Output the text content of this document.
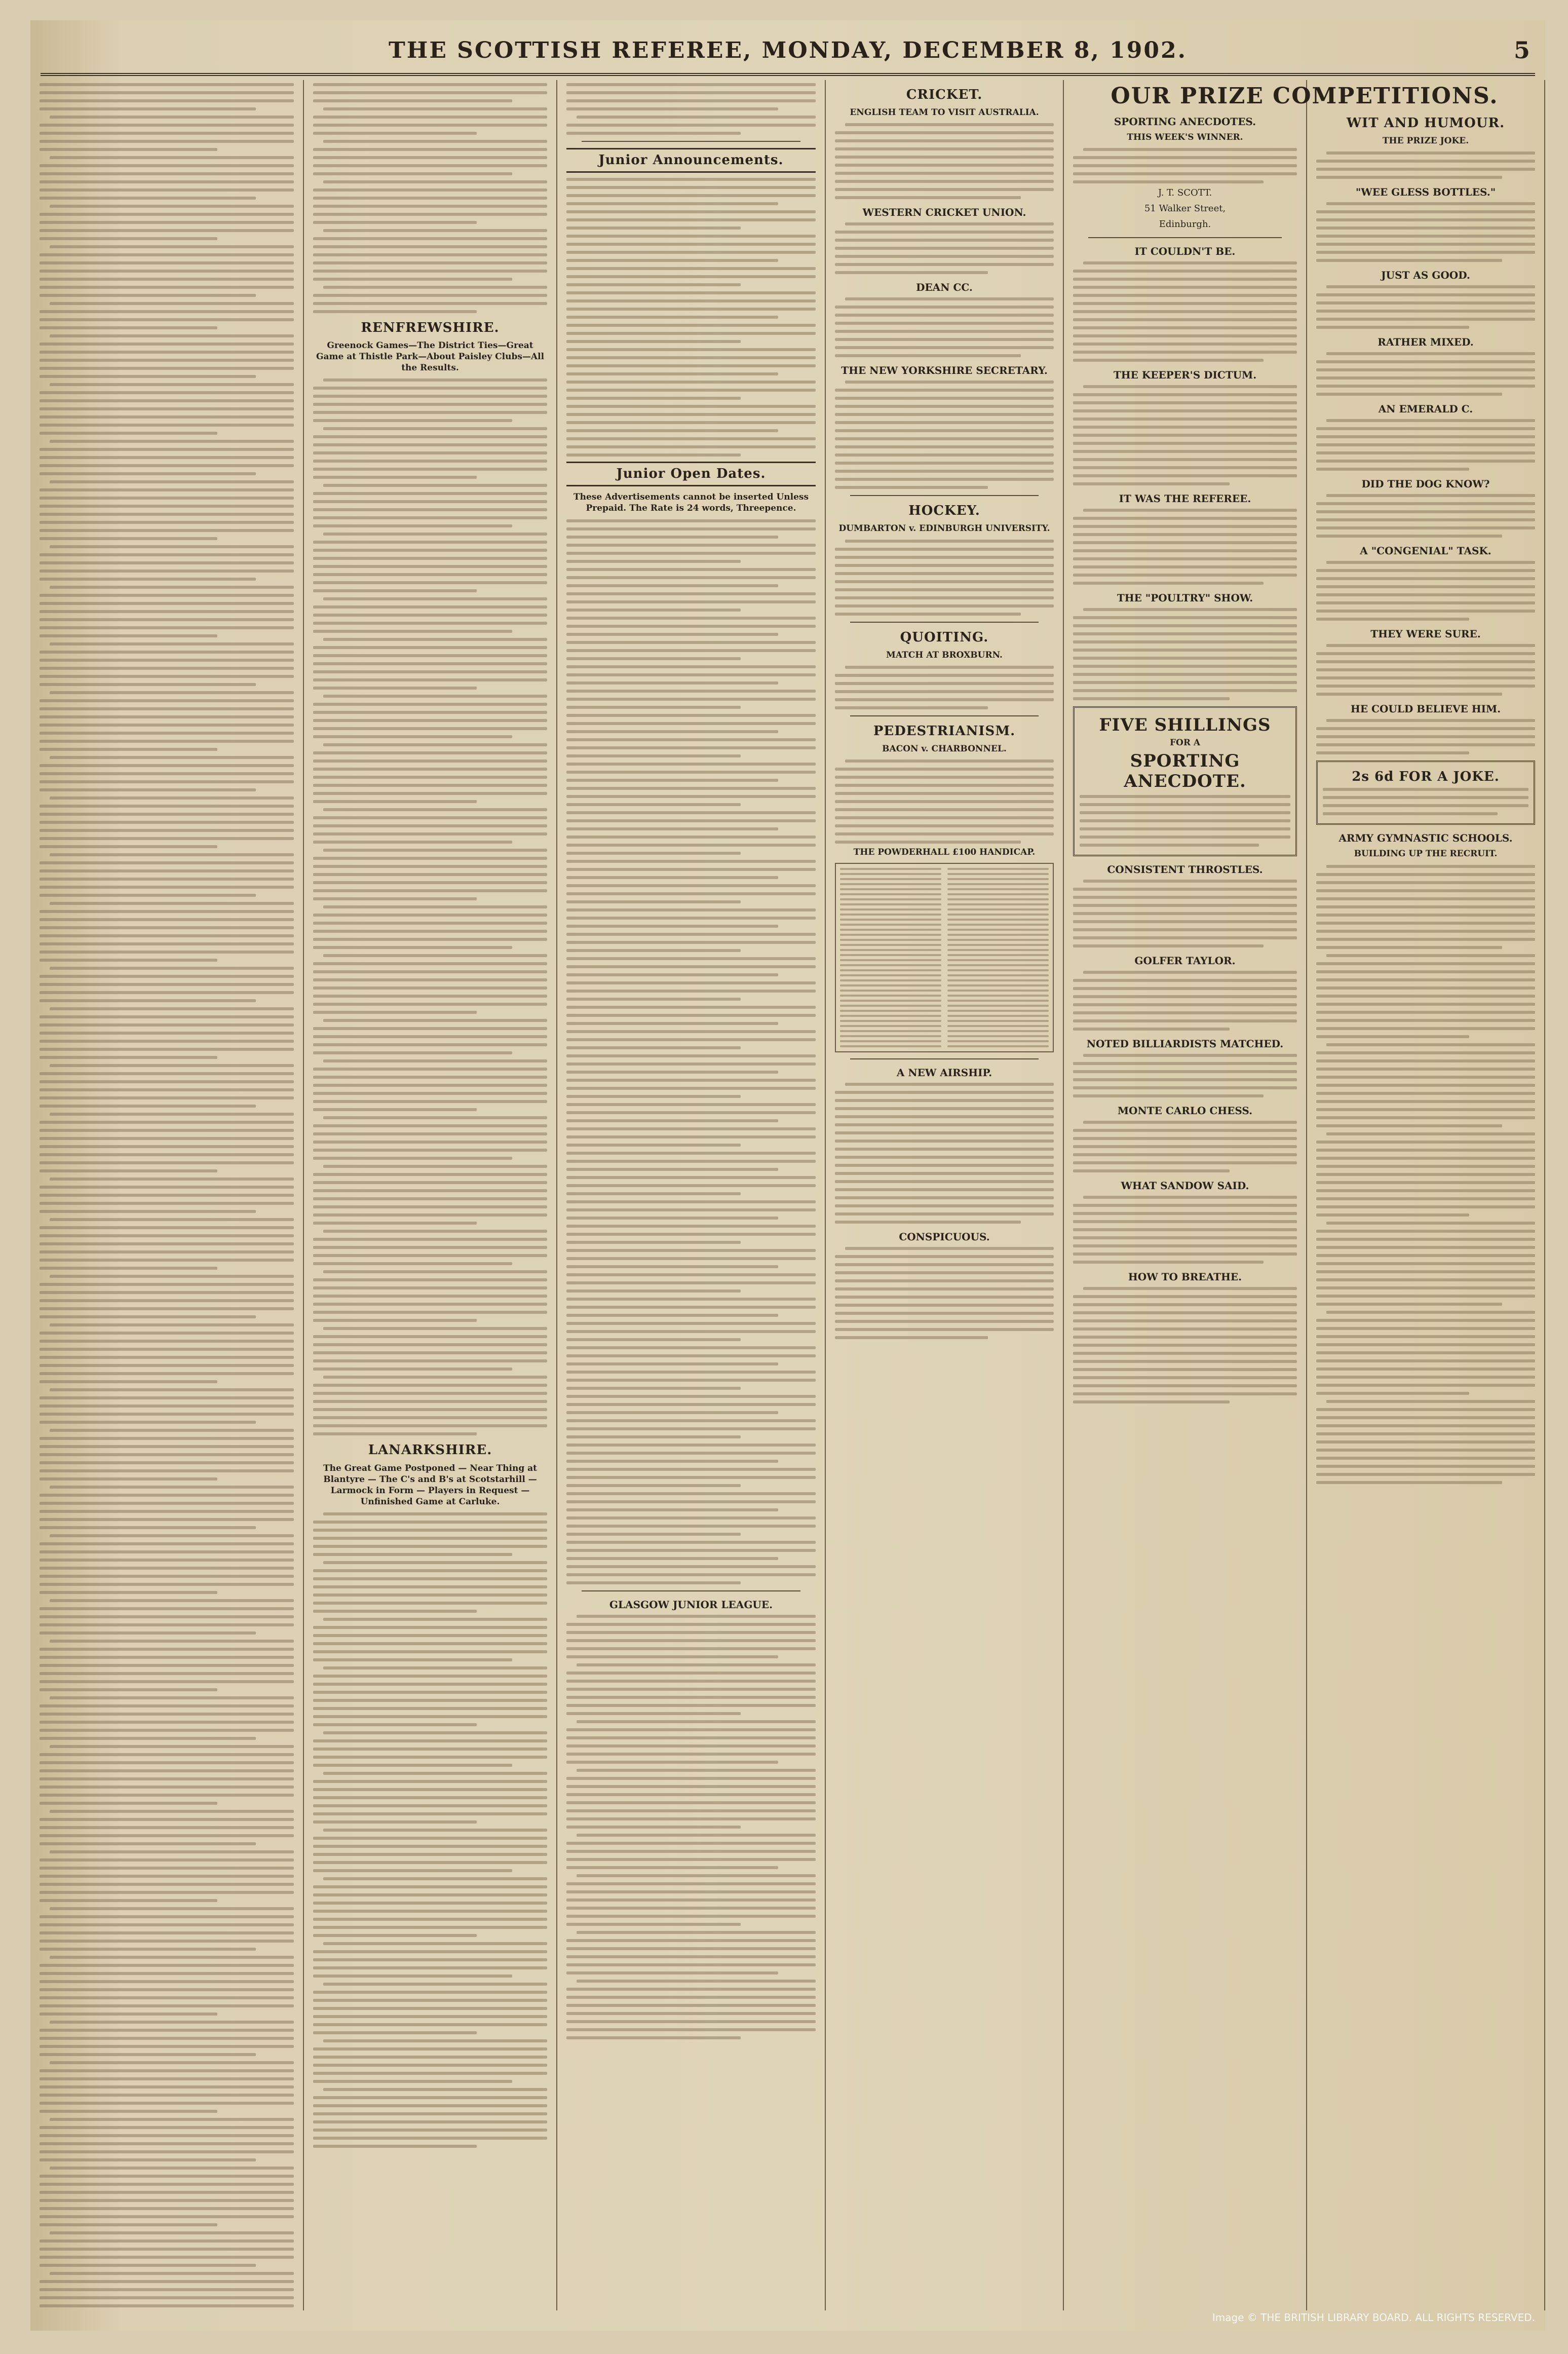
THE SCOTTISH REFEREE, MONDAY, DECEMBER 8, 1902.	5
RENFREWSHIRE.
Greenock Games—The District Ties—Great Game at Thistle Park—About Paisley Clubs—All the Results.
LANARKSHIRE.
The Great Game Postponed — Near Thing at Blantyre — The C's and B's at Scotstarhill — Larmock in Form — Players in Request — Unfinished Game at Carluke.
Junior Announcements.
Junior Open Dates.
These Advertisements cannot be inserted Unless Prepaid. The Rate is 24 words, Threepence.
GLASGOW JUNIOR LEAGUE.
CRICKET.
ENGLISH TEAM TO VISIT AUSTRALIA.
WESTERN CRICKET UNION.
DEAN CC.
THE NEW YORKSHIRE SECRETARY.
HOCKEY.
DUMBARTON v. EDINBURGH UNIVERSITY.
QUOITING.
MATCH AT BROXBURN.
PEDESTRIANISM.
BACON v. CHARBONNEL.
THE POWDERHALL £100 HANDICAP.
A NEW AIRSHIP.
CONSPICUOUS.
SPORTING ANECDOTES.
THIS WEEK'S WINNER.
J. T. SCOTT.
51 Walker Street,
Edinburgh.
IT COULDN'T BE.
THE KEEPER'S DICTUM.
IT WAS THE REFEREE.
THE "POULTRY" SHOW.
FIVE SHILLINGS
FOR A
SPORTING ANECDOTE.
CONSISTENT THROSTLES.
GOLFER TAYLOR.
NOTED BILLIARDISTS MATCHED.
MONTE CARLO CHESS.
WHAT SANDOW SAID.
HOW TO BREATHE.
OUR PRIZE COMPETITIONS.
WIT AND HUMOUR.
THE PRIZE JOKE.
"WEE GLESS BOTTLES."
JUST AS GOOD.
RATHER MIXED.
AN EMERALD C.
DID THE DOG KNOW?
A "CONGENIAL" TASK.
THEY WERE SURE.
HE COULD BELIEVE HIM.
2s 6d FOR A JOKE.
ARMY GYMNASTIC SCHOOLS.
BUILDING UP THE RECRUIT.
Image © THE BRITISH LIBRARY BOARD. ALL RIGHTS RESERVED.
